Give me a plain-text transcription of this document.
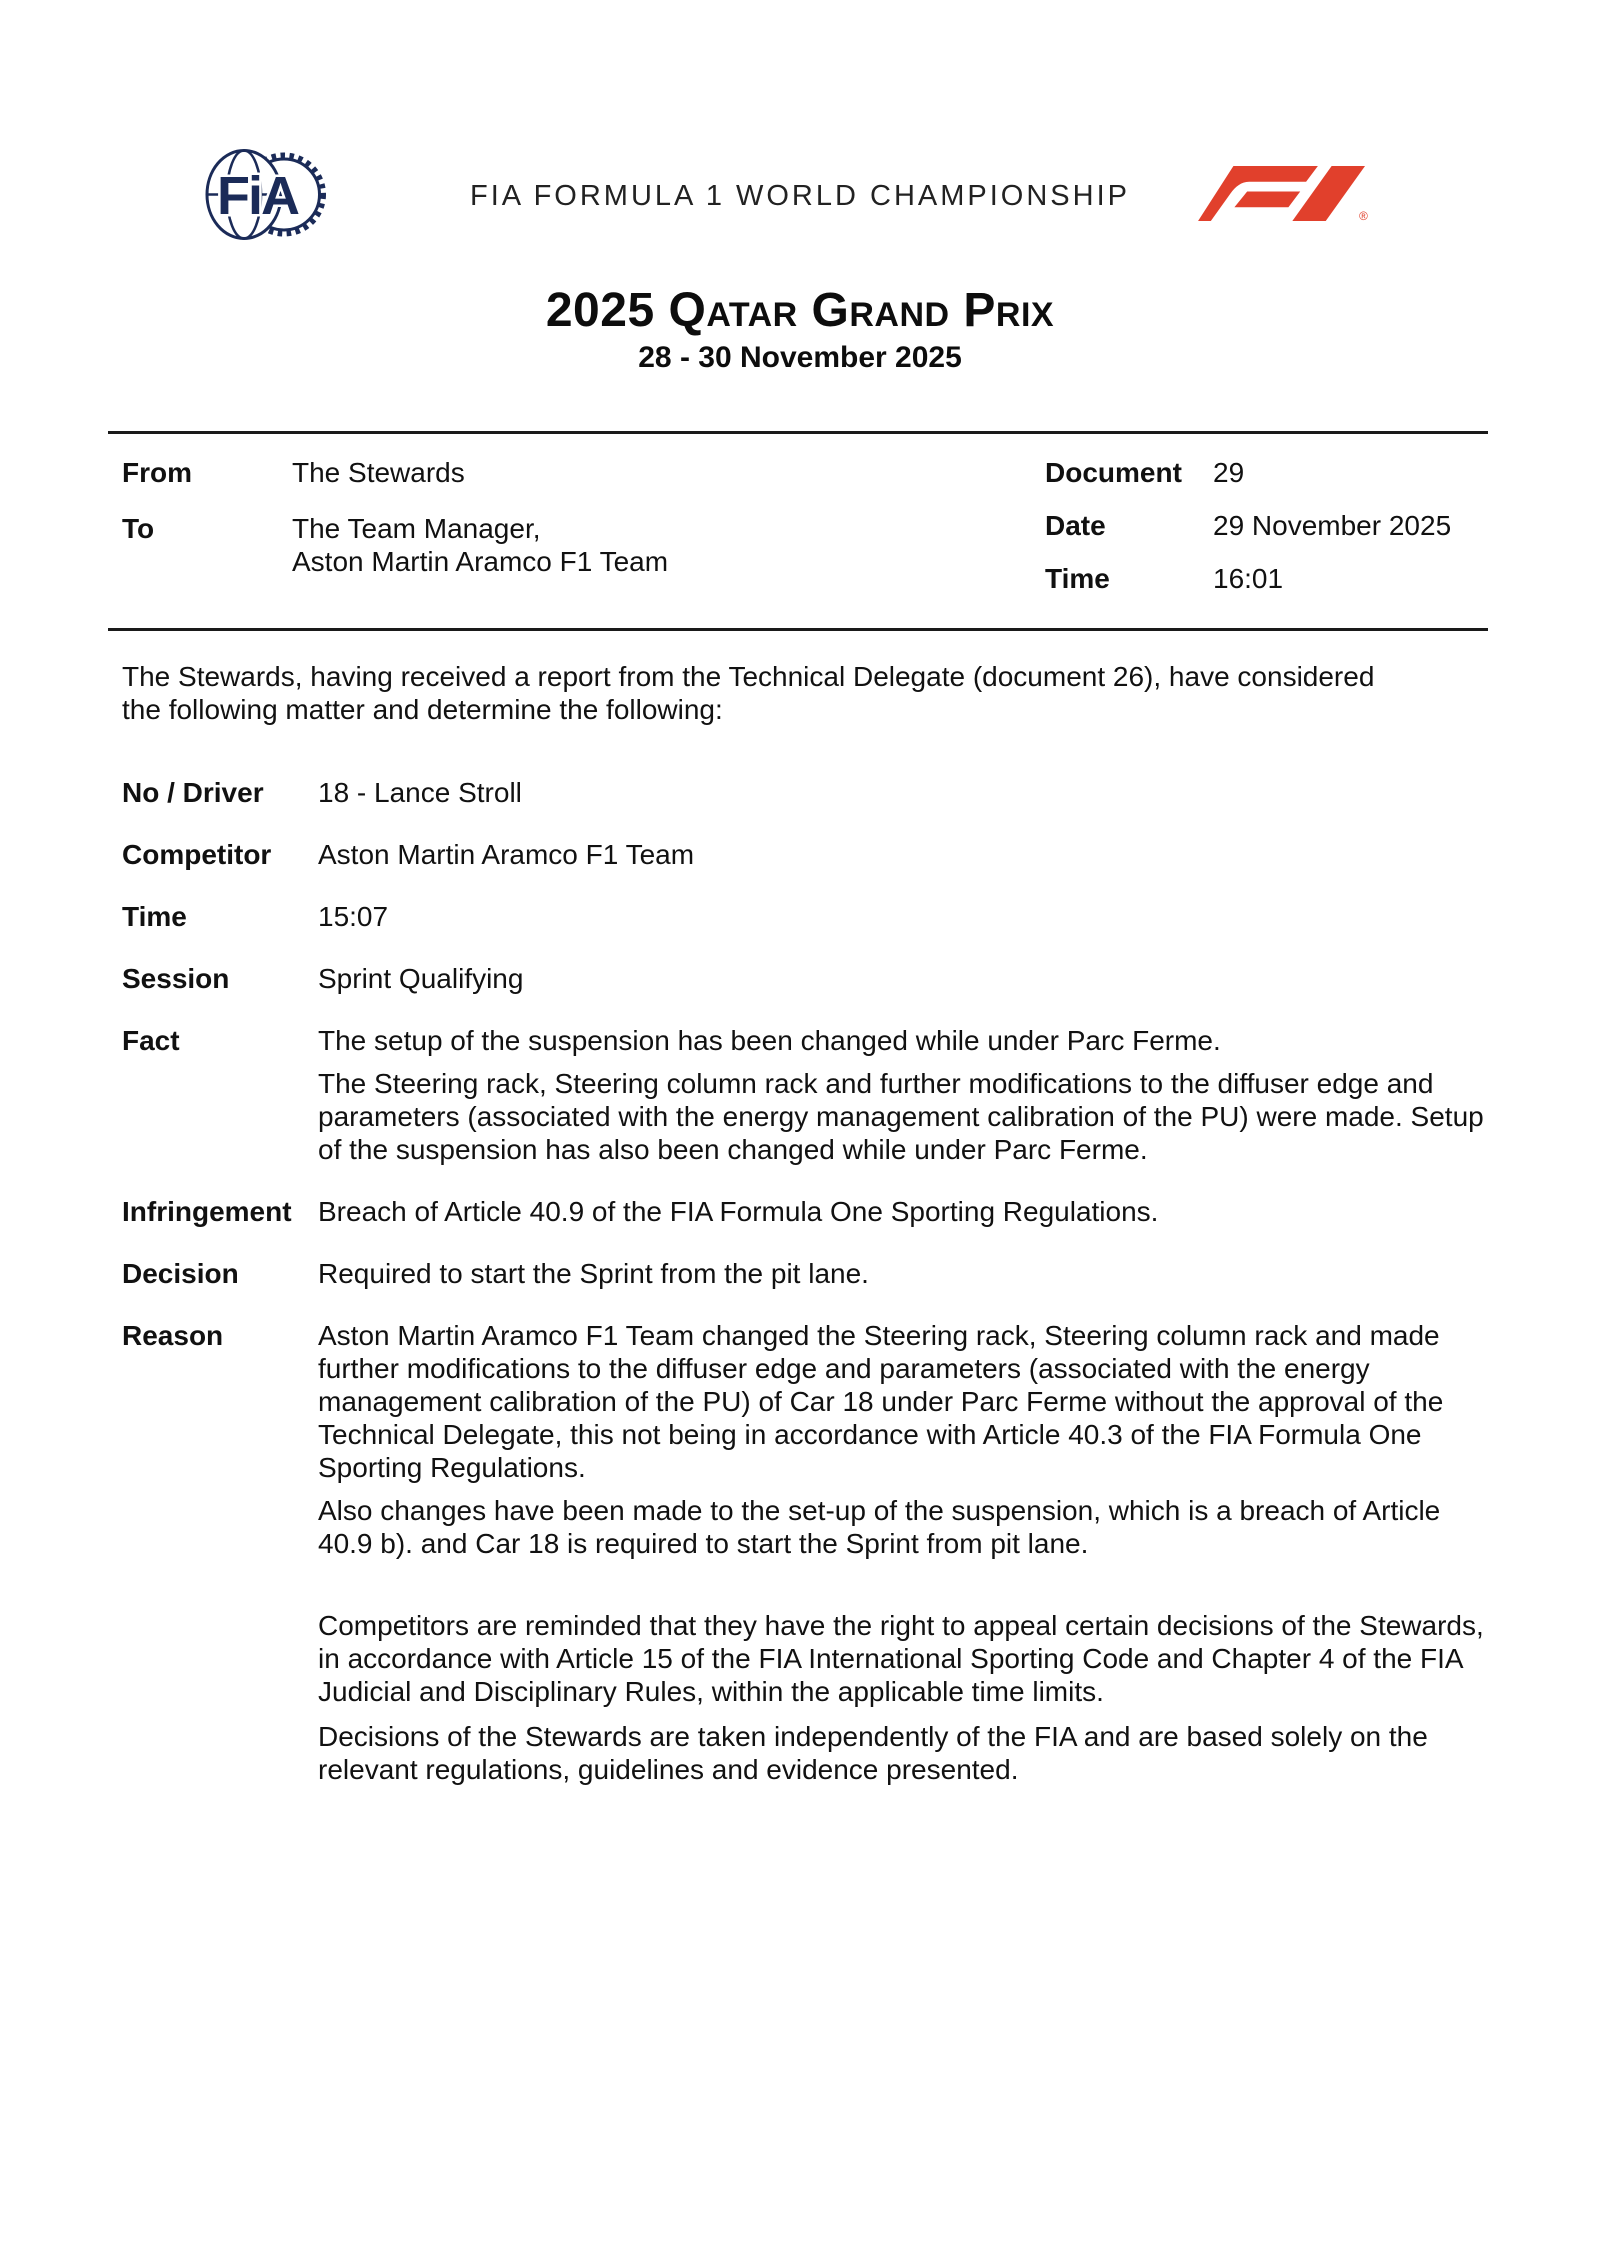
FiA	FIA FORMULA 1 WORLD CHAMPIONSHIP
®
2025 Qatar Grand Prix
28 - 30 November 2025
From	The Stewards
To	The Team Manager,
Aston Martin Aramco F1 Team
Document	29
Date	29 November 2025
Time	16:01

The Stewards, having received a report from the Technical Delegate (document 26), have considered the following matter and determine the following:

No / Driver	18 - Lance Stroll

Competitor	Aston Martin Aramco F1 Team

Time	15:07

Session	Sprint Qualifying

Fact	The setup of the suspension has been changed while under Parc Ferme.

The Steering rack, Steering column rack and further modifications to the diffuser edge and parameters (associated with the energy management calibration of the PU) were made. Setup of the suspension has also been changed while under Parc Ferme.

Infringement Breach of Article 40.9 of the FIA Formula One Sporting Regulations.

Decision	Required to start the Sprint from the pit lane.

Reason	Aston Martin Aramco F1 Team changed the Steering rack, Steering column rack and made further modifications to the diffuser edge and parameters (associated with the energy management calibration of the PU) of Car 18 under Parc Ferme without the approval of the Technical Delegate, this not being in accordance with Article 40.3 of the FIA Formula One Sporting Regulations.

Also changes have been made to the set-up of the suspension, which is a breach of Article 40.9 b). and Car 18 is required to start the Sprint from pit lane.

Competitors are reminded that they have the right to appeal certain decisions of the Stewards, in accordance with Article 15 of the FIA International Sporting Code and Chapter 4 of the FIA Judicial and Disciplinary Rules, within the applicable time limits.

Decisions of the Stewards are taken independently of the FIA and are based solely on the relevant regulations, guidelines and evidence presented.
